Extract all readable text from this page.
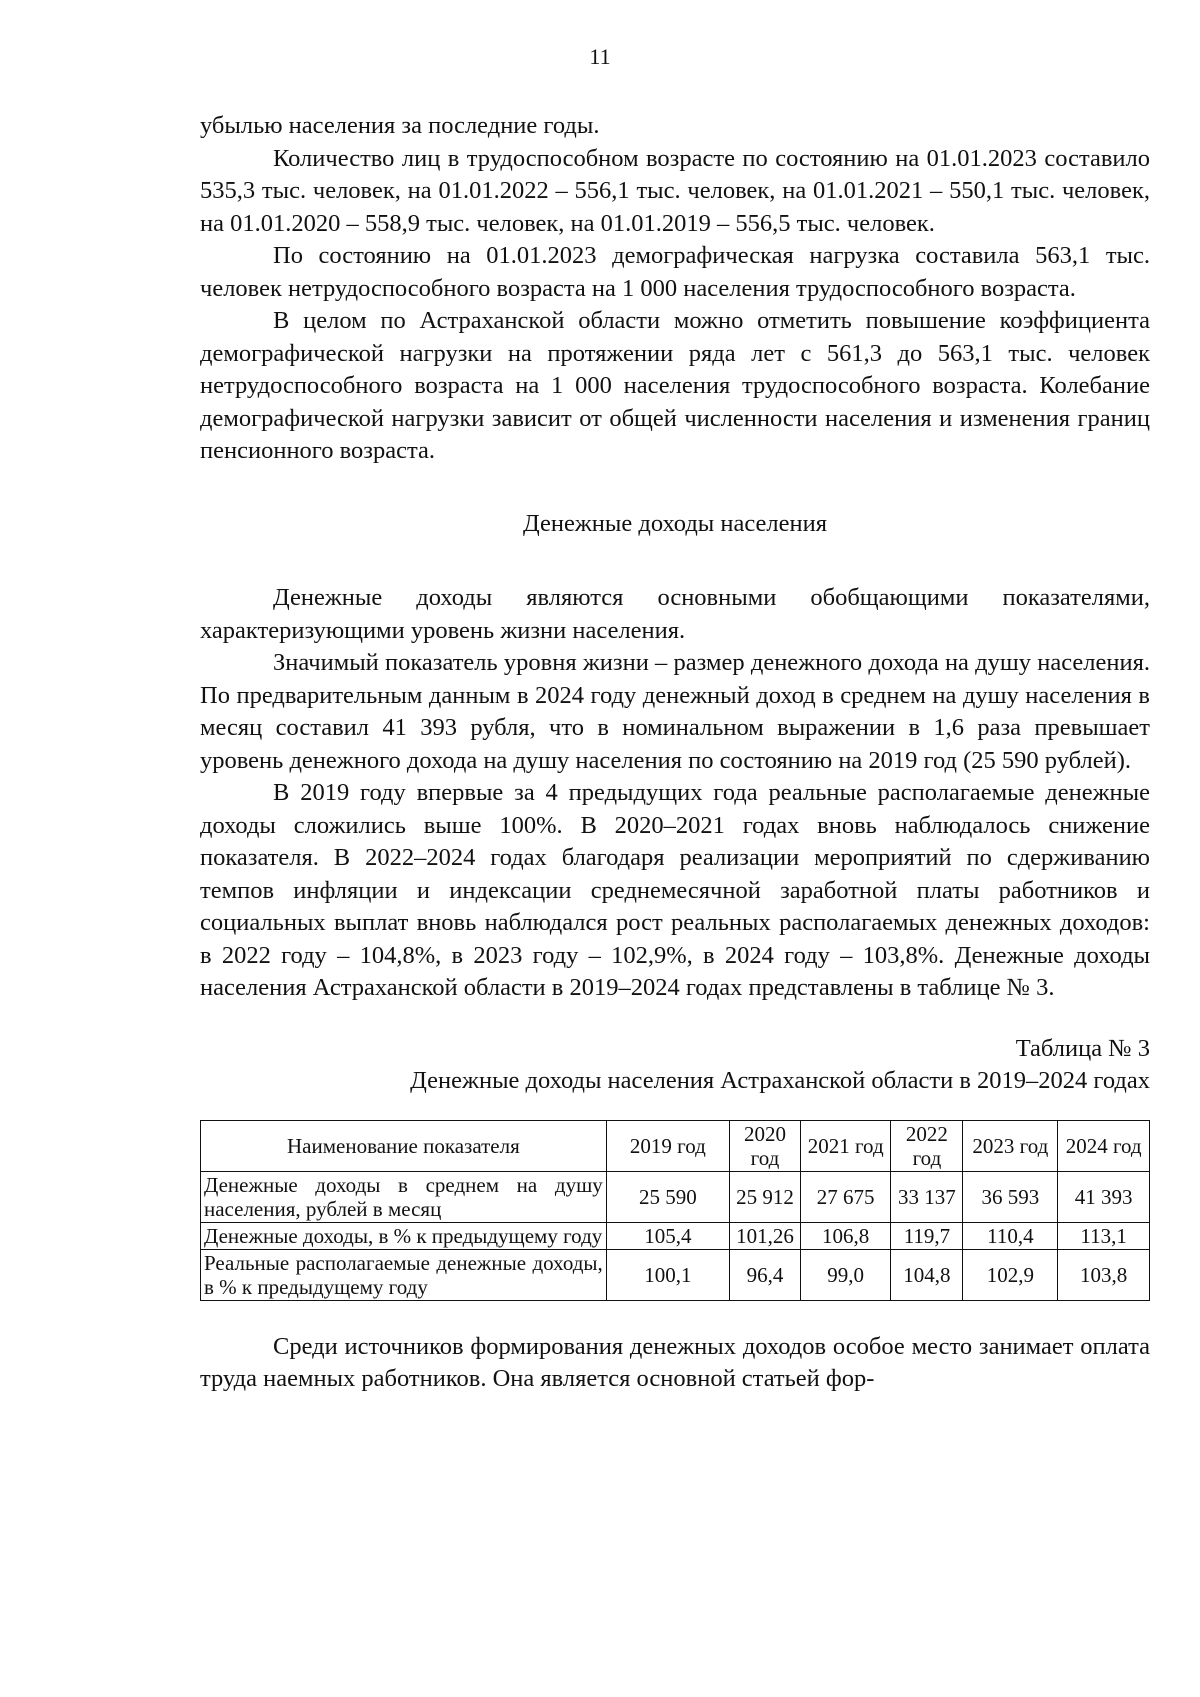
11

убылью населения за последние годы.

Количество лиц в трудоспособном возрасте по состоянию на 01.01.2023 составило 535,3 тыс. человек, на 01.01.2022 – 556,1 тыс. человек, на 01.01.2021 – 550,1 тыс. человек, на 01.01.2020 – 558,9 тыс. человек, на 01.01.2019 – 556,5 тыс. человек.

По состоянию на 01.01.2023 демографическая нагрузка составила 563,1 тыс. человек нетрудоспособного возраста на 1 000 населения трудоспособного возраста.

В целом по Астраханской области можно отметить повышение коэффициента демографической нагрузки на протяжении ряда лет с 561,3 до 563,1 тыс. человек нетрудоспособного возраста на 1 000 населения трудоспособного возраста. Колебание демографической нагрузки зависит от общей численности населения и изменения границ пенсионного возраста.

Денежные доходы населения

Денежные доходы являются основными обобщающими показателями, характеризующими уровень жизни населения.

Значимый показатель уровня жизни – размер денежного дохода на душу населения. По предварительным данным в 2024 году денежный доход в среднем на душу населения в месяц составил 41 393 рубля, что в номинальном выражении в 1,6 раза превышает уровень денежного дохода на душу населения по состоянию на 2019 год (25 590 рублей).

В 2019 году впервые за 4 предыдущих года реальные располагаемые денежные доходы сложились выше 100%. В 2020–2021 годах вновь наблюдалось снижение показателя. В 2022–2024 годах благодаря реализации мероприятий по сдерживанию темпов инфляции и индексации среднемесячной заработной платы работников и социальных выплат вновь наблюдался рост реальных располагаемых денежных доходов: в 2022 году – 104,8%, в 2023 году – 102,9%, в 2024 году – 103,8%. Денежные доходы населения Астраханской области в 2019–2024 годах представлены в таблице № 3.

Таблица № 3

Денежные доходы населения Астраханской области в 2019–2024 годах

Наименование показателя	2019 год	2020 год	2021 год	2022 год	2023 год	2024 год
Денежные доходы в среднем на душу населения, рублей в месяц	25 590	25 912	27 675	33 137	36 593	41 393
Денежные доходы, в % к предыдущему году	105,4	101,26	106,8	119,7	110,4	113,1
Реальные располагаемые денежные доходы, в % к предыдущему году	100,1	96,4	99,0	104,8	102,9	103,8

Среди источников формирования денежных доходов особое место занимает оплата труда наемных работников. Она является основной статьей фор-
